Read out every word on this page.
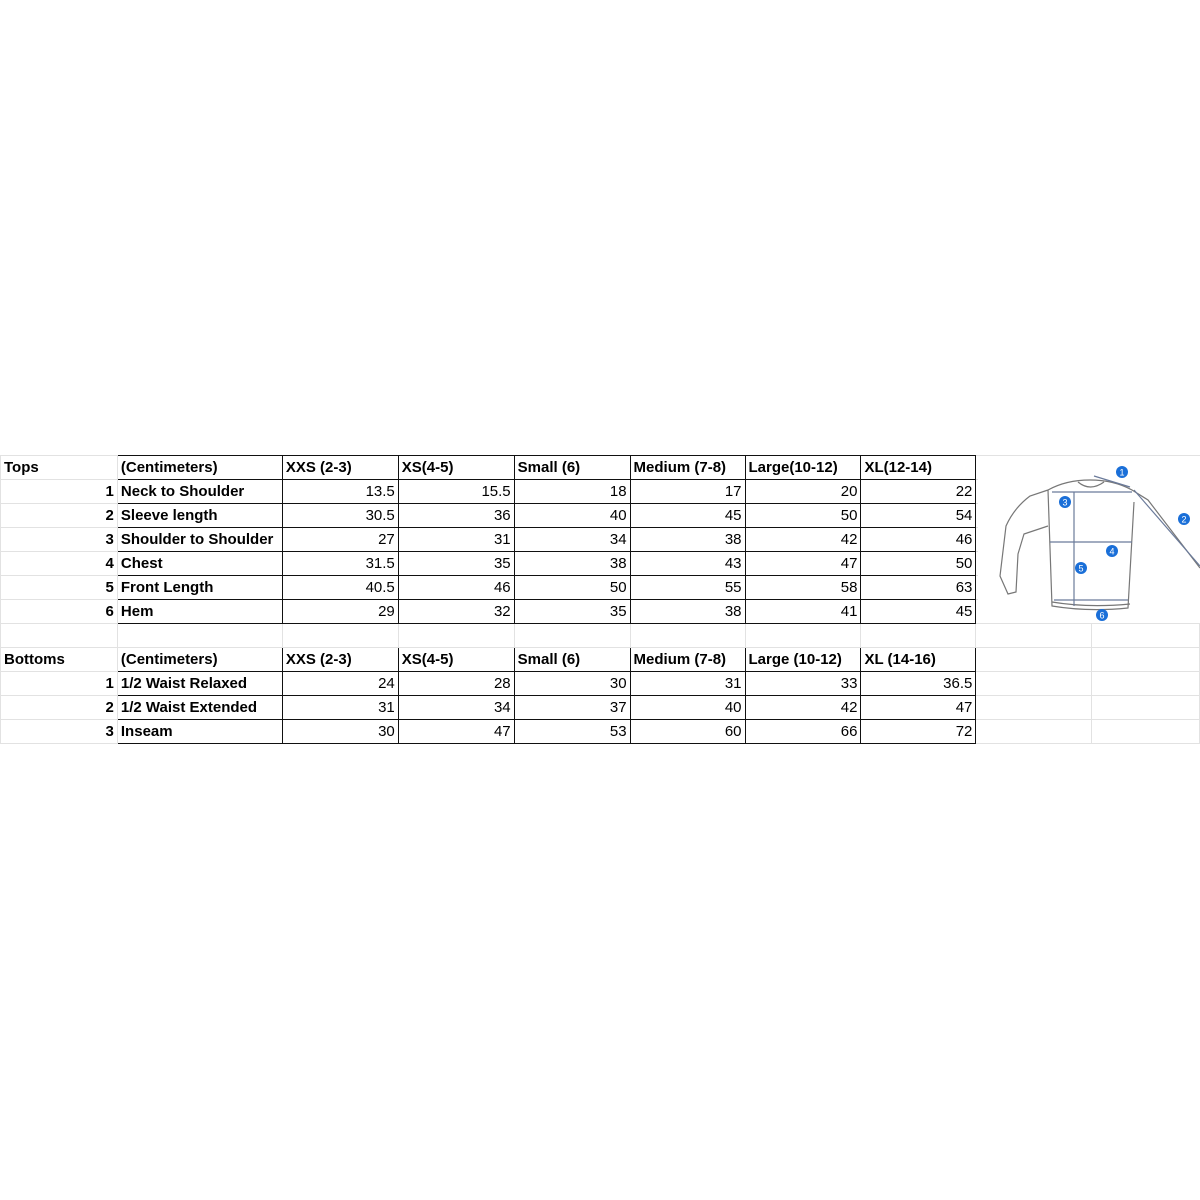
Tops	(Centimeters)	XXS (2-3)	XS(4-5)	Small (6)	Medium (7-8)	Large(10-12)	XL(12-14)		
1	Neck to Shoulder	13.5	15.5	18	17	20	22		
2	Sleeve length	30.5	36	40	45	50	54		
3	Shoulder to Shoulder	27	31	34	38	42	46		
4	Chest	31.5	35	38	43	47	50		
5	Front Length	40.5	46	50	55	58	63		
6	Hem	29	32	35	38	41	45		

Bottoms	(Centimeters)	XXS (2-3)	XS(4-5)	Small (6)	Medium (7-8)	Large (10-12)	XL (14-16)		
1	1/2 Waist Relaxed	24	28	30	31	33	36.5		
2	1/2 Waist Extended	31	34	37	40	42	47		
3	Inseam	30	47	53	60	66	72		
1
2
3
4
5
6
